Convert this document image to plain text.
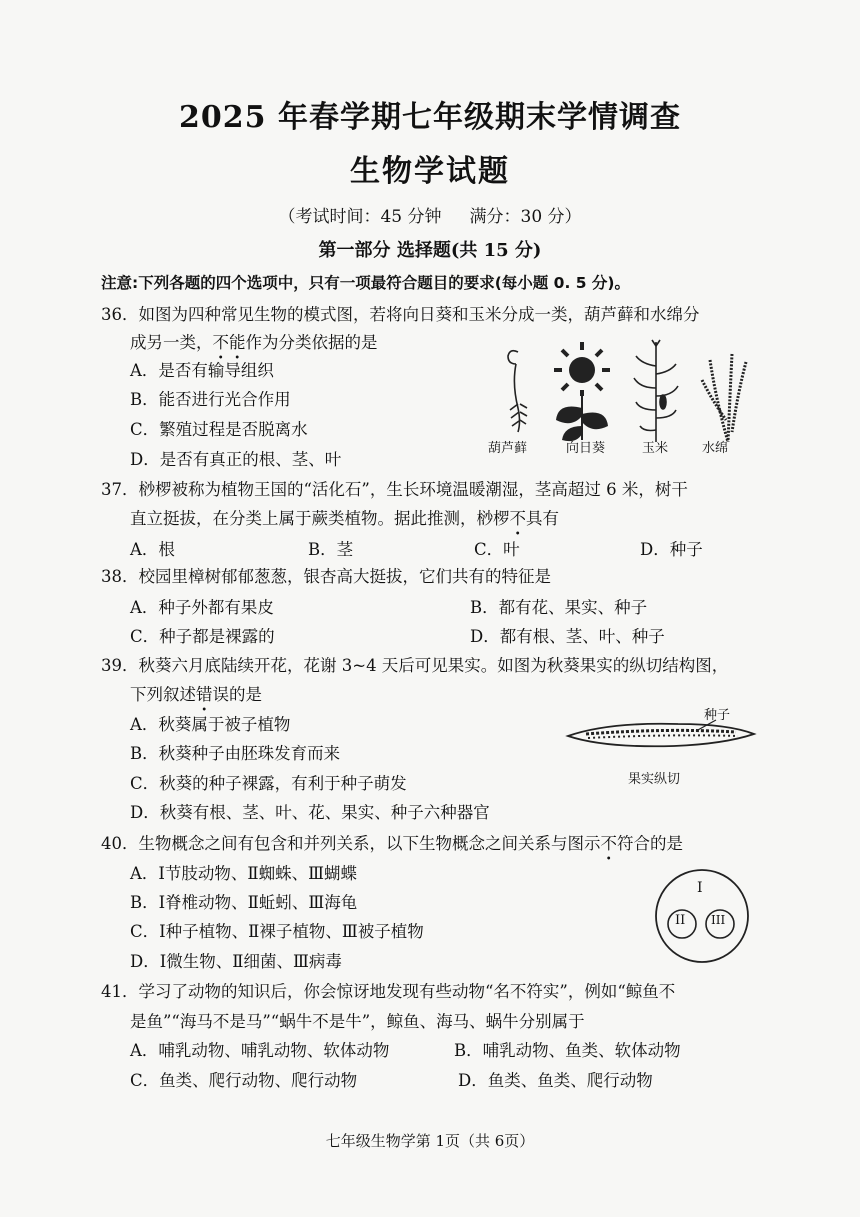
2025 年春学期七年级期末学情调查
生物学试题
（考试时间：45 分钟 满分：30 分）
第一部分 选择题(共 15 分)
注意:下列各题的四个选项中，只有一项最符合题目的要求(每小题 0. 5 分)。
36．如图为四种常见生物的模式图，若将向日葵和玉米分成一类，葫芦藓和水绵分
成另一类，不能作为分类依据的是
A．是否有输导组织
B．能否进行光合作用
C．繁殖过程是否脱离水
D．是否有真正的根、茎、叶
葫芦藓	向日葵	玉米	水绵
37．桫椤被称为植物王国的“活化石”，生长环境温暖潮湿，茎高超过 6 米，树干
直立挺拔，在分类上属于蕨类植物。据此推测，桫椤不具有
A．根	B．茎	C．叶	D．种子
38．校园里樟树郁郁葱葱，银杏高大挺拔，它们共有的特征是
A．种子外都有果皮	B．都有花、果实、种子
C．种子都是裸露的	D．都有根、茎、叶、种子
39．秋葵六月底陆续开花，花谢 3~4 天后可见果实。如图为秋葵果实的纵切结构图，
下列叙述错误的是
A．秋葵属于被子植物
B．秋葵种子由胚珠发育而来
C．秋葵的种子裸露，有利于种子萌发
D．秋葵有根、茎、叶、花、果实、种子六种器官
种子
果实纵切
40．生物概念之间有包含和并列关系，以下生物概念之间关系与图示不符合的是
A．Ⅰ节肢动物、Ⅱ蜘蛛、Ⅲ蝴蝶
B．Ⅰ脊椎动物、Ⅱ蚯蚓、Ⅲ海龟
C．Ⅰ种子植物、Ⅱ裸子植物、Ⅲ被子植物
D．Ⅰ微生物、Ⅱ细菌、Ⅲ病毒
I
II III
41．学习了动物的知识后，你会惊讶地发现有些动物“名不符实”，例如“鲸鱼不
是鱼”“海马不是马”“蜗牛不是牛”，鲸鱼、海马、蜗牛分别属于
A．哺乳动物、哺乳动物、软体动物	B．哺乳动物、鱼类、软体动物
C．鱼类、爬行动物、爬行动物	D．鱼类、鱼类、爬行动物
七年级生物学第 1页（共 6页）
